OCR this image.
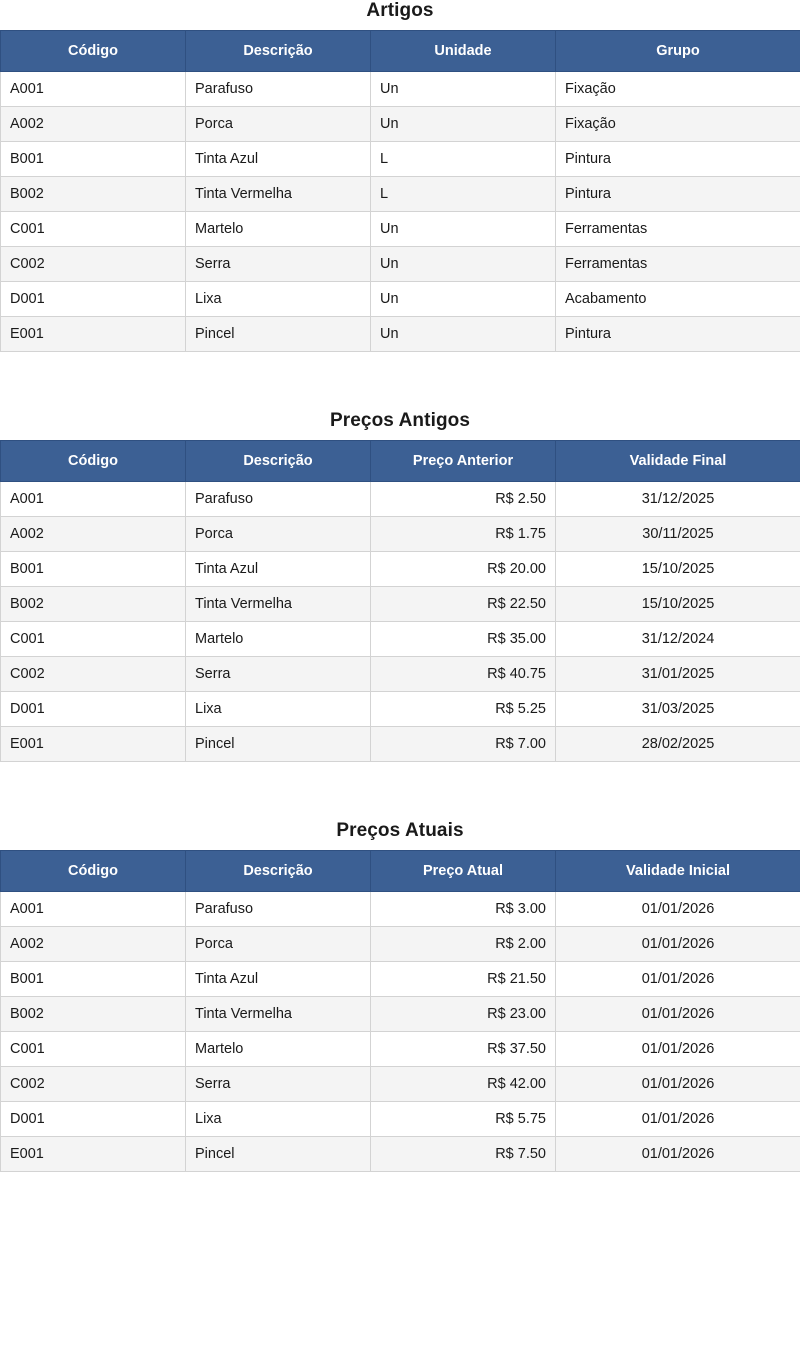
Artigos
Código	Descrição	Unidade	Grupo
A001	Parafuso	Un	Fixação
A002	Porca	Un	Fixação
B001	Tinta Azul	L	Pintura
B002	Tinta Vermelha	L	Pintura
C001	Martelo	Un	Ferramentas
C002	Serra	Un	Ferramentas
D001	Lixa	Un	Acabamento
E001	Pincel	Un	Pintura
Preços Antigos
Código	Descrição	Preço Anterior	Validade Final
A001	Parafuso	R$ 2.50	31/12/2025
A002	Porca	R$ 1.75	30/11/2025
B001	Tinta Azul	R$ 20.00	15/10/2025
B002	Tinta Vermelha	R$ 22.50	15/10/2025
C001	Martelo	R$ 35.00	31/12/2024
C002	Serra	R$ 40.75	31/01/2025
D001	Lixa	R$ 5.25	31/03/2025
E001	Pincel	R$ 7.00	28/02/2025
Preços Atuais
Código	Descrição	Preço Atual	Validade Inicial
A001	Parafuso	R$ 3.00	01/01/2026
A002	Porca	R$ 2.00	01/01/2026
B001	Tinta Azul	R$ 21.50	01/01/2026
B002	Tinta Vermelha	R$ 23.00	01/01/2026
C001	Martelo	R$ 37.50	01/01/2026
C002	Serra	R$ 42.00	01/01/2026
D001	Lixa	R$ 5.75	01/01/2026
E001	Pincel	R$ 7.50	01/01/2026
